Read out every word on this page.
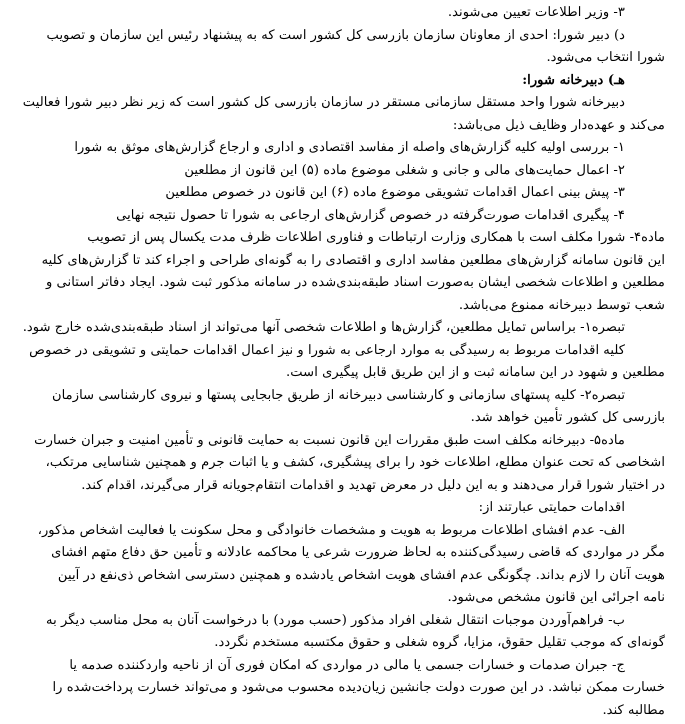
۳- وزیر اطلاعات تعیین می‌شوند.
د) دبیر شورا: احدی از معاونان سازمان بازرسی کل کشور است که به پیشنهاد رئیس این سازمان و تصویب
شورا انتخاب می‌شود.
هـ) دبیرخانه شورا:
دبیرخانه شورا واحد مستقل سازمانی مستقر در سازمان بازرسی کل کشور است که زیر نظر دبیر شورا فعالیت
می‌کند و عهده‌دار وظایف ذیل می‌باشد:
۱- بررسی اولیه کلیه گزارش‌های واصله از مفاسد اقتصادی و اداری و ارجاع گزارش‌های موثق به شورا
۲- اعمال حمایت‌های مالی و جانی و شغلی موضوع ماده (۵) این قانون از مطلعین
۳- پیش بینی اعمال اقدامات تشویقی موضوع ماده (۶) این قانون در خصوص مطلعین
۴- پیگیری اقدامات صورت‌گرفته در خصوص گزارش‌های ارجاعی به شورا تا حصول نتیجه نهایی
ماده۴- شورا مکلف است با همکاری وزارت ارتباطات و فناوری اطلاعات ظرف مدت یکسال پس از تصویب
این قانون سامانه گزارش‌های مطلعین مفاسد اداری و اقتصادی را به گونه‌ای طراحی و اجراء کند تا گزارش‌های کلیه
مطلعین و اطلاعات شخصی ایشان به‌صورت اسناد طبقه‌بندی‌شده در سامانه مذکور ثبت شود. ایجاد دفاتر استانی و
شعب توسط دبیرخانه ممنوع می‌باشد.
تبصره۱- براساس تمایل مطلعین، گزارش‌ها و اطلاعات شخصی آنها می‌تواند از اسناد طبقه‌بندی‌شده خارج شود.
کلیه اقدامات مربوط به رسیدگی به موارد ارجاعی به شورا و نیز اعمال اقدامات حمایتی و تشویقی در خصوص
مطلعین و شهود در این سامانه ثبت و از این طریق قابل پیگیری است.
تبصره۲- کلیه پستهای سازمانی و کارشناسی دبیرخانه از طریق جابجایی پستها و نیروی کارشناسی سازمان
بازرسی کل کشور تأمین خواهد شد.
ماده۵- دبیرخانه مکلف است طبق مقررات این قانون نسبت به حمایت قانونی و تأمین امنیت و جبران خسارت
اشخاصی که تحت عنوان مطلع، اطلاعات خود را برای پیشگیری، کشف و یا اثبات جرم و همچنین شناسایی مرتکب،
در اختیار شورا قرار می‌دهند و به این دلیل در معرض تهدید و اقدامات انتقام‌جویانه قرار می‌گیرند، اقدام کند.
اقدامات حمایتی عبارتند از:
الف- عدم افشای اطلاعات مربوط به هویت و مشخصات خانوادگی و محل سکونت یا فعالیت اشخاص مذکور،
مگر در مواردی که قاضی رسیدگی‌کننده به لحاظ ضرورت شرعی یا محاکمه عادلانه و تأمین حق دفاع متهم افشای
هویت آنان را لازم بداند. چگونگی عدم افشای هویت اشخاص یادشده و همچنین دسترسی اشخاص ذی‌نفع در آیین
نامه اجرائی این قانون مشخص می‌شود.
ب- فراهم‌آوردن موجبات انتقال شغلی افراد مذکور (حسب مورد) با درخواست آنان به محل مناسب دیگر به
گونه‌ای که موجب تقلیل حقوق، مزایا، گروه شغلی و حقوق مکتسبه مستخدم نگردد.
ج- جبران صدمات و خسارات جسمی یا مالی در مواردی که امکان فوری آن از ناحیه واردکننده صدمه یا
خسارت ممکن نباشد. در این صورت دولت جانشین زیان‌دیده محسوب می‌شود و می‌تواند خسارت پرداخت‌شده را
مطالبه کند.
